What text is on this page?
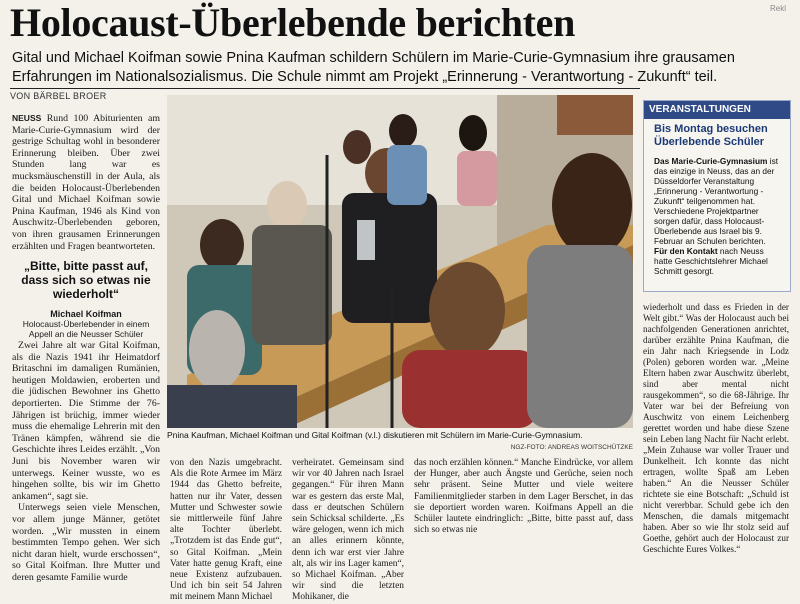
Holocaust-Überlebende berichten	Rekl
Gital und Michael Koifman sowie Pnina Kaufman schildern Schülern im Marie-Curie-Gymnasium ihre grausamen Erfahrungen im Nationalsozialismus. Die Schule nimmt am Projekt „Erinnerung - Verantwortung - Zukunft“ teil.
VON BÄRBEL BROER

NEUSS Rund 100 Abiturienten am Marie-Curie-Gymnasium wird der gestrige Schultag wohl in besonderer Erinnerung bleiben. Über zwei Stunden lang war es mucksmäuschenstill in der Aula, als die beiden Holocaust-Überlebenden Gital und Michael Koifman sowie Pnina Kaufman, 1946 als Kind von Auschwitz-Überlebenden geboren, von ihren grausamen Erinnerungen erzählten und Fragen beantworteten.

„Bitte, bitte passt auf, dass sich so etwas nie wiederholt“
Michael Koifman
Holocaust-Überlebender in einem Appell an die Neusser Schüler

Zwei Jahre alt war Gital Koifman, als die Nazis 1941 ihr Heimatdorf Britaschni im damaligen Rumänien, heutigen Moldawien, eroberten und die jüdischen Bewohner ins Ghetto deportierten. Die Stimme der 76-Jährigen ist brüchig, immer wieder muss die ehemalige Lehrerin mit den Tränen kämpfen, während sie die Geschichte ihres Leides erzählt. „Von Juni bis November waren wir unterwegs. Keiner wusste, wo es hingehen sollte, bis wir im Ghetto ankamen“, sagt sie.

Unterwegs seien viele Menschen, vor allem junge Männer, getötet worden. „Wir mussten in einem bestimmten Tempo gehen. Wer sich nicht daran hielt, wurde erschossen“, so Gital Koifman. Ihre Mutter und deren gesamte Familie wurde

Pnina Kaufman, Michael Koifman und Gital Koifman (v.l.) diskutieren mit Schülern im Marie-Curie-Gymnasium.
NGZ-FOTO: ANDREAS WOITSCHÜTZKE
VERANSTALTUNGEN
Bis Montag besuchen Überlebende Schüler
Das Marie-Curie-Gymnasium ist das einzige in Neuss, das an der Düsseldorfer Veranstaltung „Erinnerung - Verantwortung - Zukunft“ teilgenommen hat. Verschiedene Projektpartner sorgen dafür, dass Holocaust-Überlebende aus Israel bis 9. Februar an Schulen berichten.
Für den Kontakt nach Neuss hatte Geschichtslehrer Michael Schmitt gesorgt.

wiederholt und dass es Frieden in der Welt gibt.“ Was der Holocaust auch bei nachfolgenden Generationen anrichtet, darüber erzählte Pnina Kaufman, die ein Jahr nach Kriegsende in Lodz (Polen) geboren worden war. „Meine Eltern haben zwar Auschwitz überlebt, sind aber mental nicht rausgekommen“, so die 68-Jährige. Ihr Vater war bei der Befreiung von Auschwitz von einem Leichenberg gerettet worden und habe diese Szene sein Leben lang Nacht für Nacht erlebt. „Mein Zuhause war voller Trauer und Dunkelheit. Ich konnte das nicht ertragen, wollte Spaß am Leben haben.“ An die Neusser Schüler richtete sie eine Botschaft: „Schuld ist nicht vererbbar. Schuld gebe ich den Menschen, die damals mitgemacht haben. Aber so wie Ihr stolz seid auf Goethe, gehört auch der Holocaust zur Geschichte Eures Volkes.“

von den Nazis umgebracht. Als die Rote Armee im März 1944 das Ghetto befreite, hatten nur ihr Vater, dessen Mutter und Schwester sowie sie mittlerweile fünf Jahre alte Tochter überlebt. „Trotzdem ist das Ende gut“, so Gital Koifman. „Mein Vater hatte genug Kraft, eine neue Existenz aufzubauen. Und ich bin seit 54 Jahren mit meinem Mann Michael

verheiratet. Gemeinsam sind wir vor 40 Jahren nach Israel gegangen.“ Für ihren Mann war es gestern das erste Mal, dass er deutschen Schülern sein Schicksal schilderte. „Es wäre gelogen, wenn ich mich an alles erinnern könnte, denn ich war erst vier Jahre alt, als wir ins Lager kamen“, so Michael Koifman. „Aber wir sind die letzten Mohikaner, die

das noch erzählen können.“ Manche Eindrücke, vor allem der Hunger, aber auch Ängste und Gerüche, seien noch sehr präsent. Seine Mutter und viele weitere Familienmitglieder starben in dem Lager Berschet, in das sie deportiert worden waren. Koifmans Appell an die Schüler lautete eindringlich: „Bitte, bitte passt auf, dass sich so etwas nie
